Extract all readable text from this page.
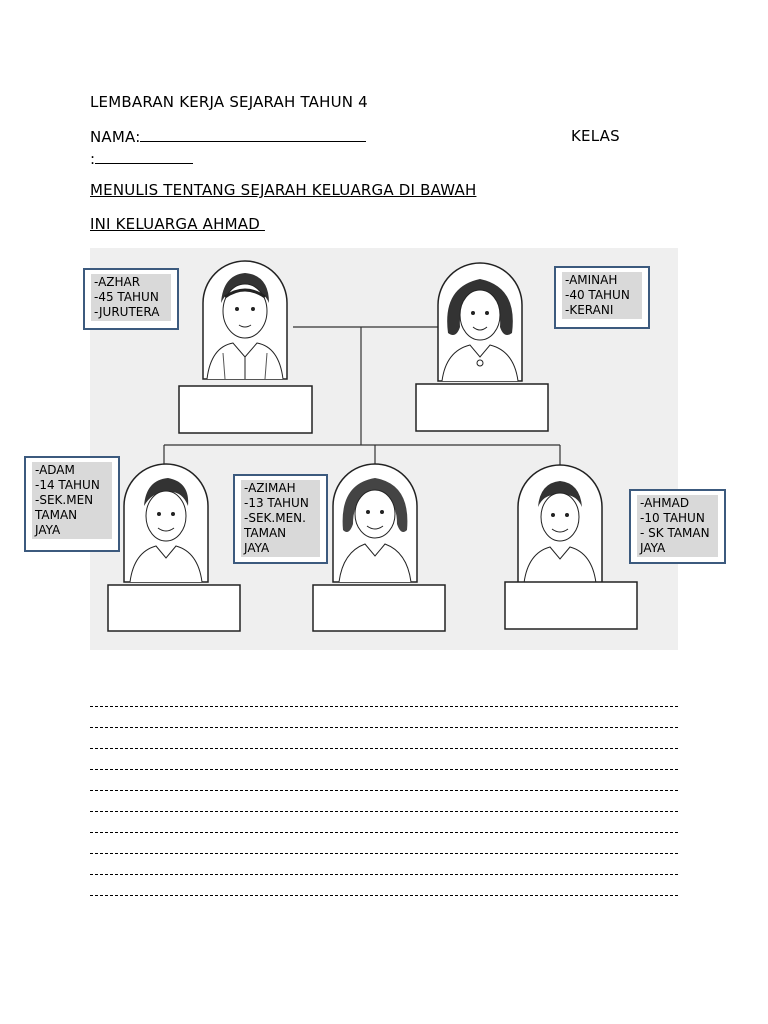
LEMBARAN KERJA SEJARAH TAHUN 4
NAMA:	KELAS
:
MENULIS TENTANG SEJARAH KELUARGA DI BAWAH
INI KELUARGA AHMAD
-AZHAR
-45 TAHUN
-JURUTERA
-AMINAH
-40 TAHUN
-KERANI
-ADAM
-14 TAHUN
-SEK.MEN
TAMAN
JAYA
-AZIMAH
-13 TAHUN
-SEK.MEN.
TAMAN
JAYA
-AHMAD
-10 TAHUN
- SK TAMAN
JAYA
